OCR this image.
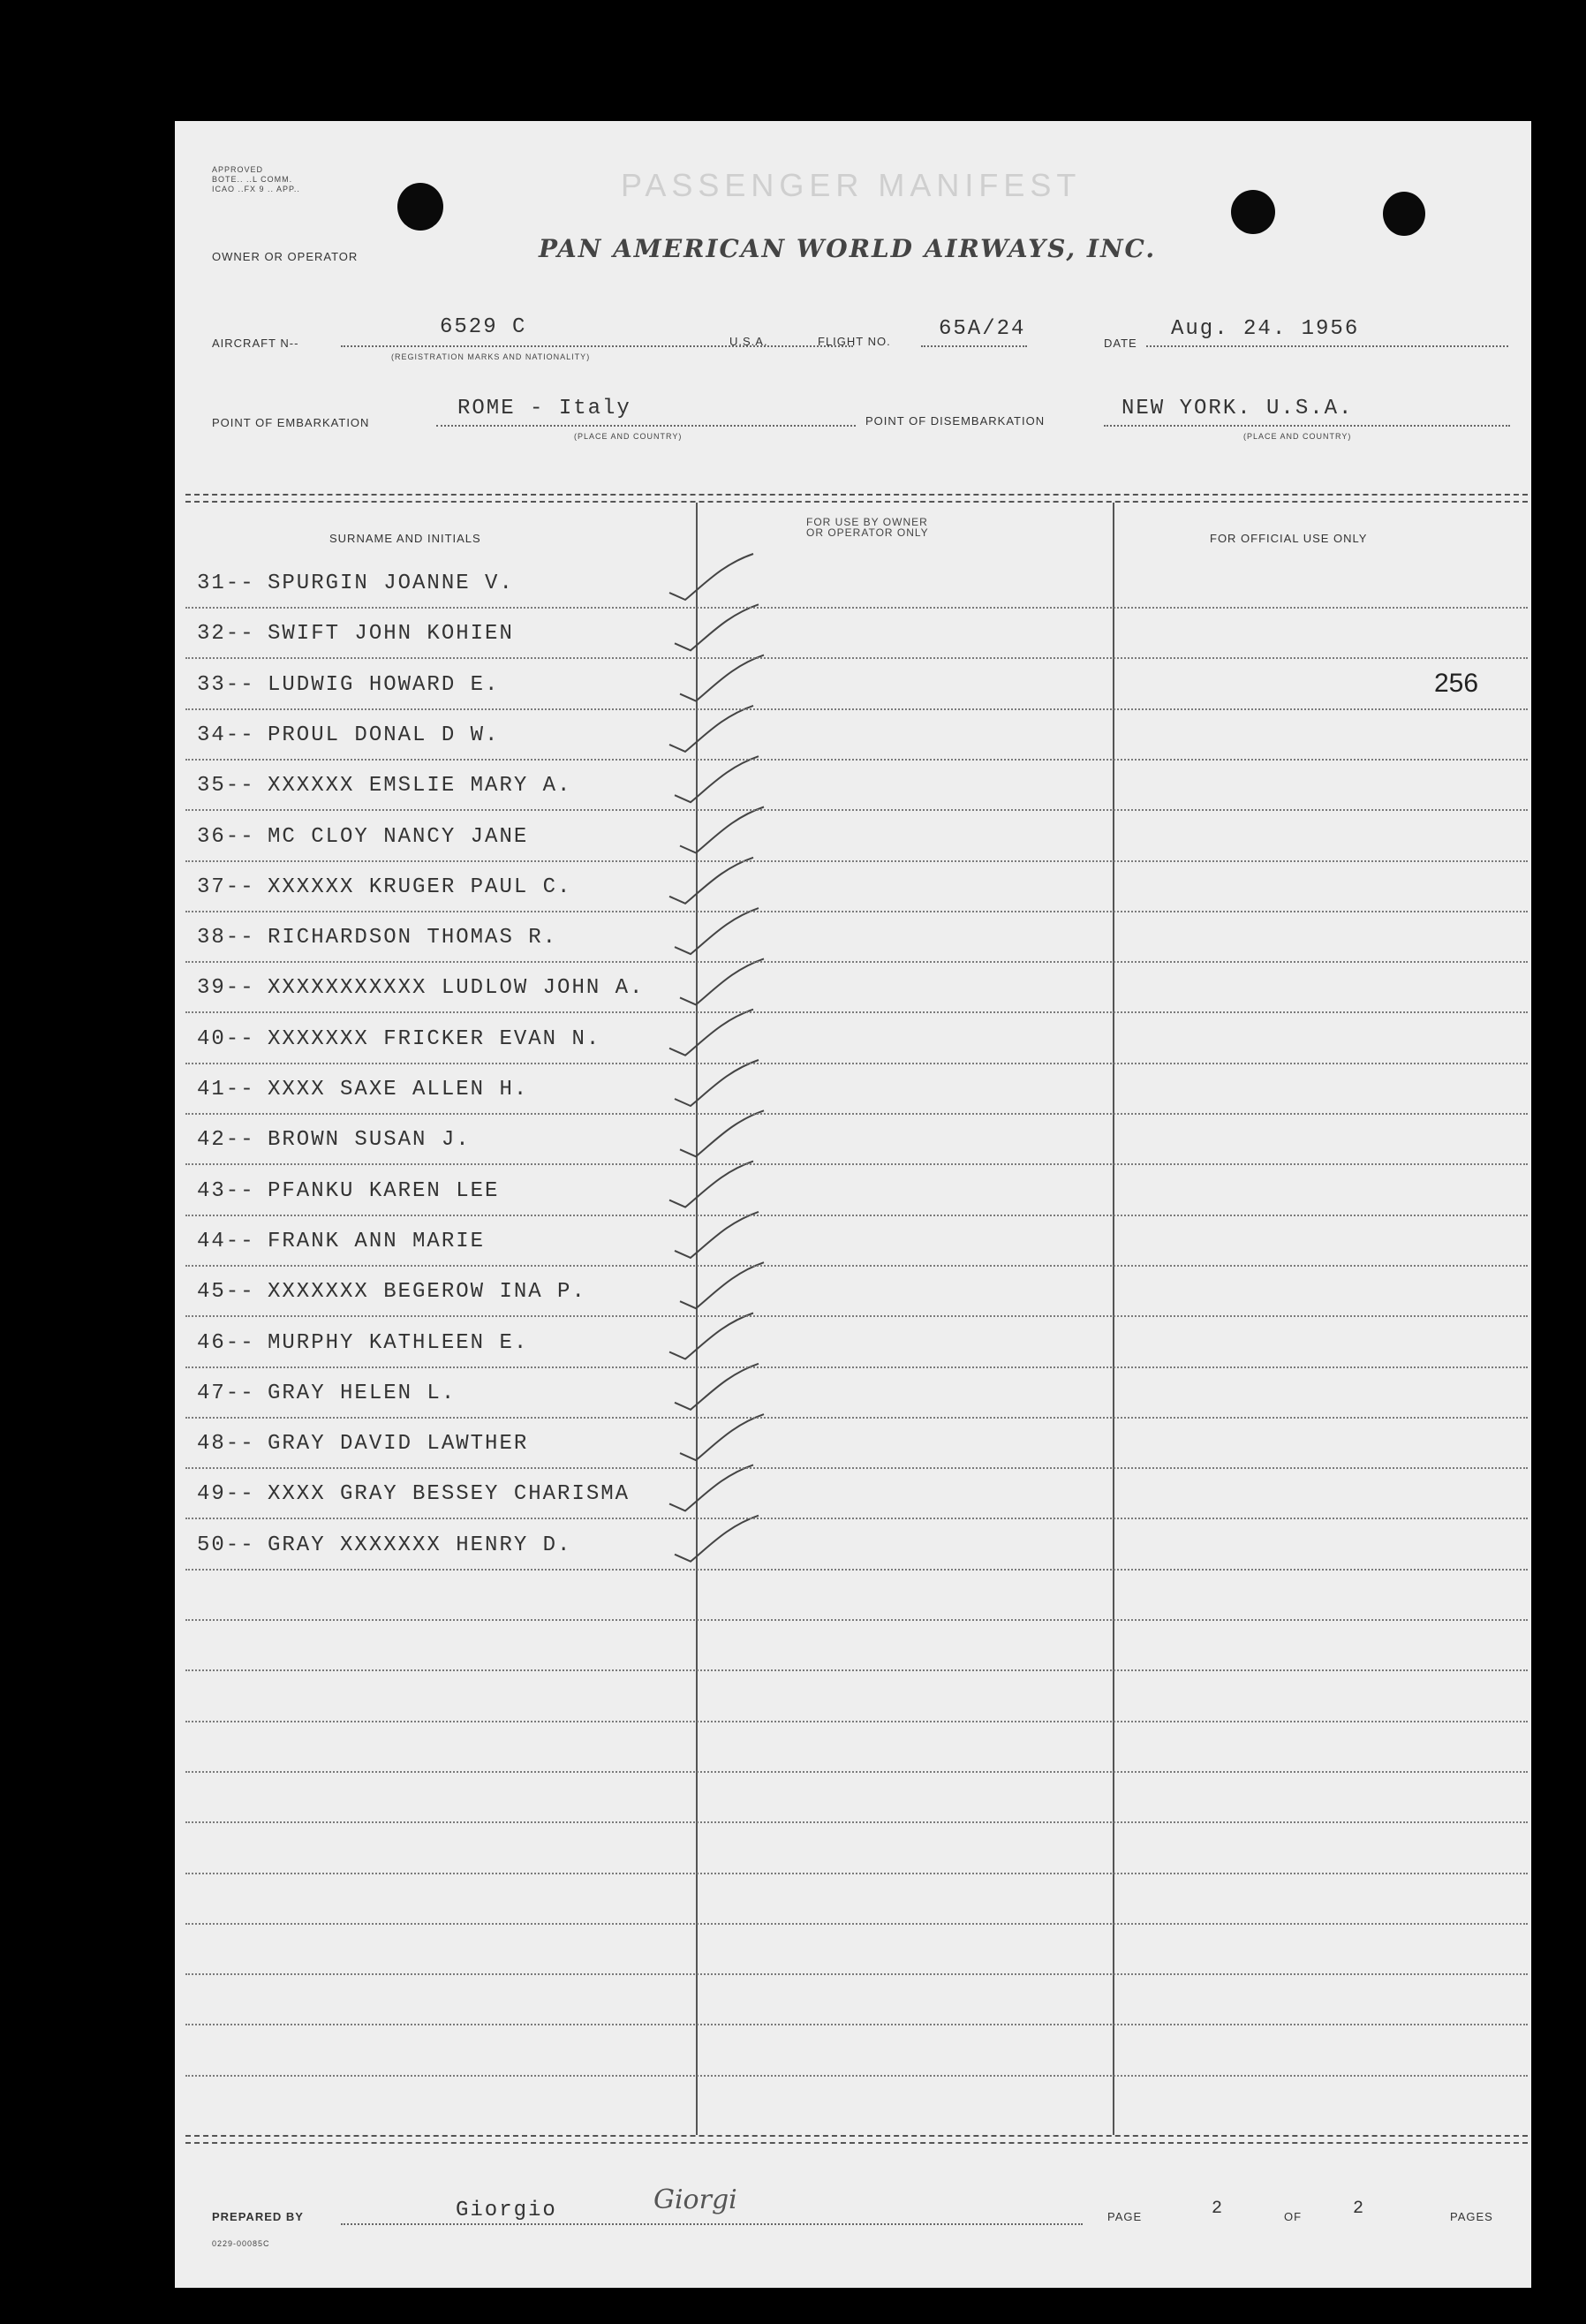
APPROVED
BOTE.. ..L COMM.
ICAO ..FX 9 .. APP..	PASSENGER MANIFEST
OWNER OR OPERATOR	PAN AMERICAN WORLD AIRWAYS, INC.
AIRCRAFT N--
6529 C
(REGISTRATION MARKS AND NATIONALITY)
U.S.A.	FLIGHT NO.
65A/24
DATE
Aug. 24. 1956
POINT OF EMBARKATION
ROME - Italy
(PLACE AND COUNTRY)
POINT OF DISEMBARKATION
NEW YORK. U.S.A.
(PLACE AND COUNTRY)
SURNAME AND INITIALS
FOR USE BY OWNER
OR OPERATOR ONLY	FOR OFFICIAL USE ONLY
31-- SPURGIN JOANNE V.
32-- SWIFT JOHN KOHIEN
33-- LUDWIG HOWARD E.
34-- PROUL DONAL D W.
35-- XXXXXX EMSLIE MARY A.
36-- MC CLOY NANCY JANE
37-- XXXXXX KRUGER PAUL C.
38-- RICHARDSON THOMAS R.
39-- XXXXXXXXXXX LUDLOW JOHN A.
40-- XXXXXXX FRICKER EVAN N.
41-- XXXX SAXE ALLEN H.
42-- BROWN SUSAN J.
43-- PFANKU KAREN LEE
44-- FRANK ANN MARIE
45-- XXXXXXX BEGEROW INA P.
46-- MURPHY KATHLEEN E.
47-- GRAY HELEN L.
48-- GRAY DAVID LAWTHER
49-- XXXX GRAY BESSEY CHARISMA
50-- GRAY XXXXXXX HENRY D.
256
PREPARED BY	Giorgio	Giorgi
PAGE	2	OF	2	PAGES
0229-00085C
